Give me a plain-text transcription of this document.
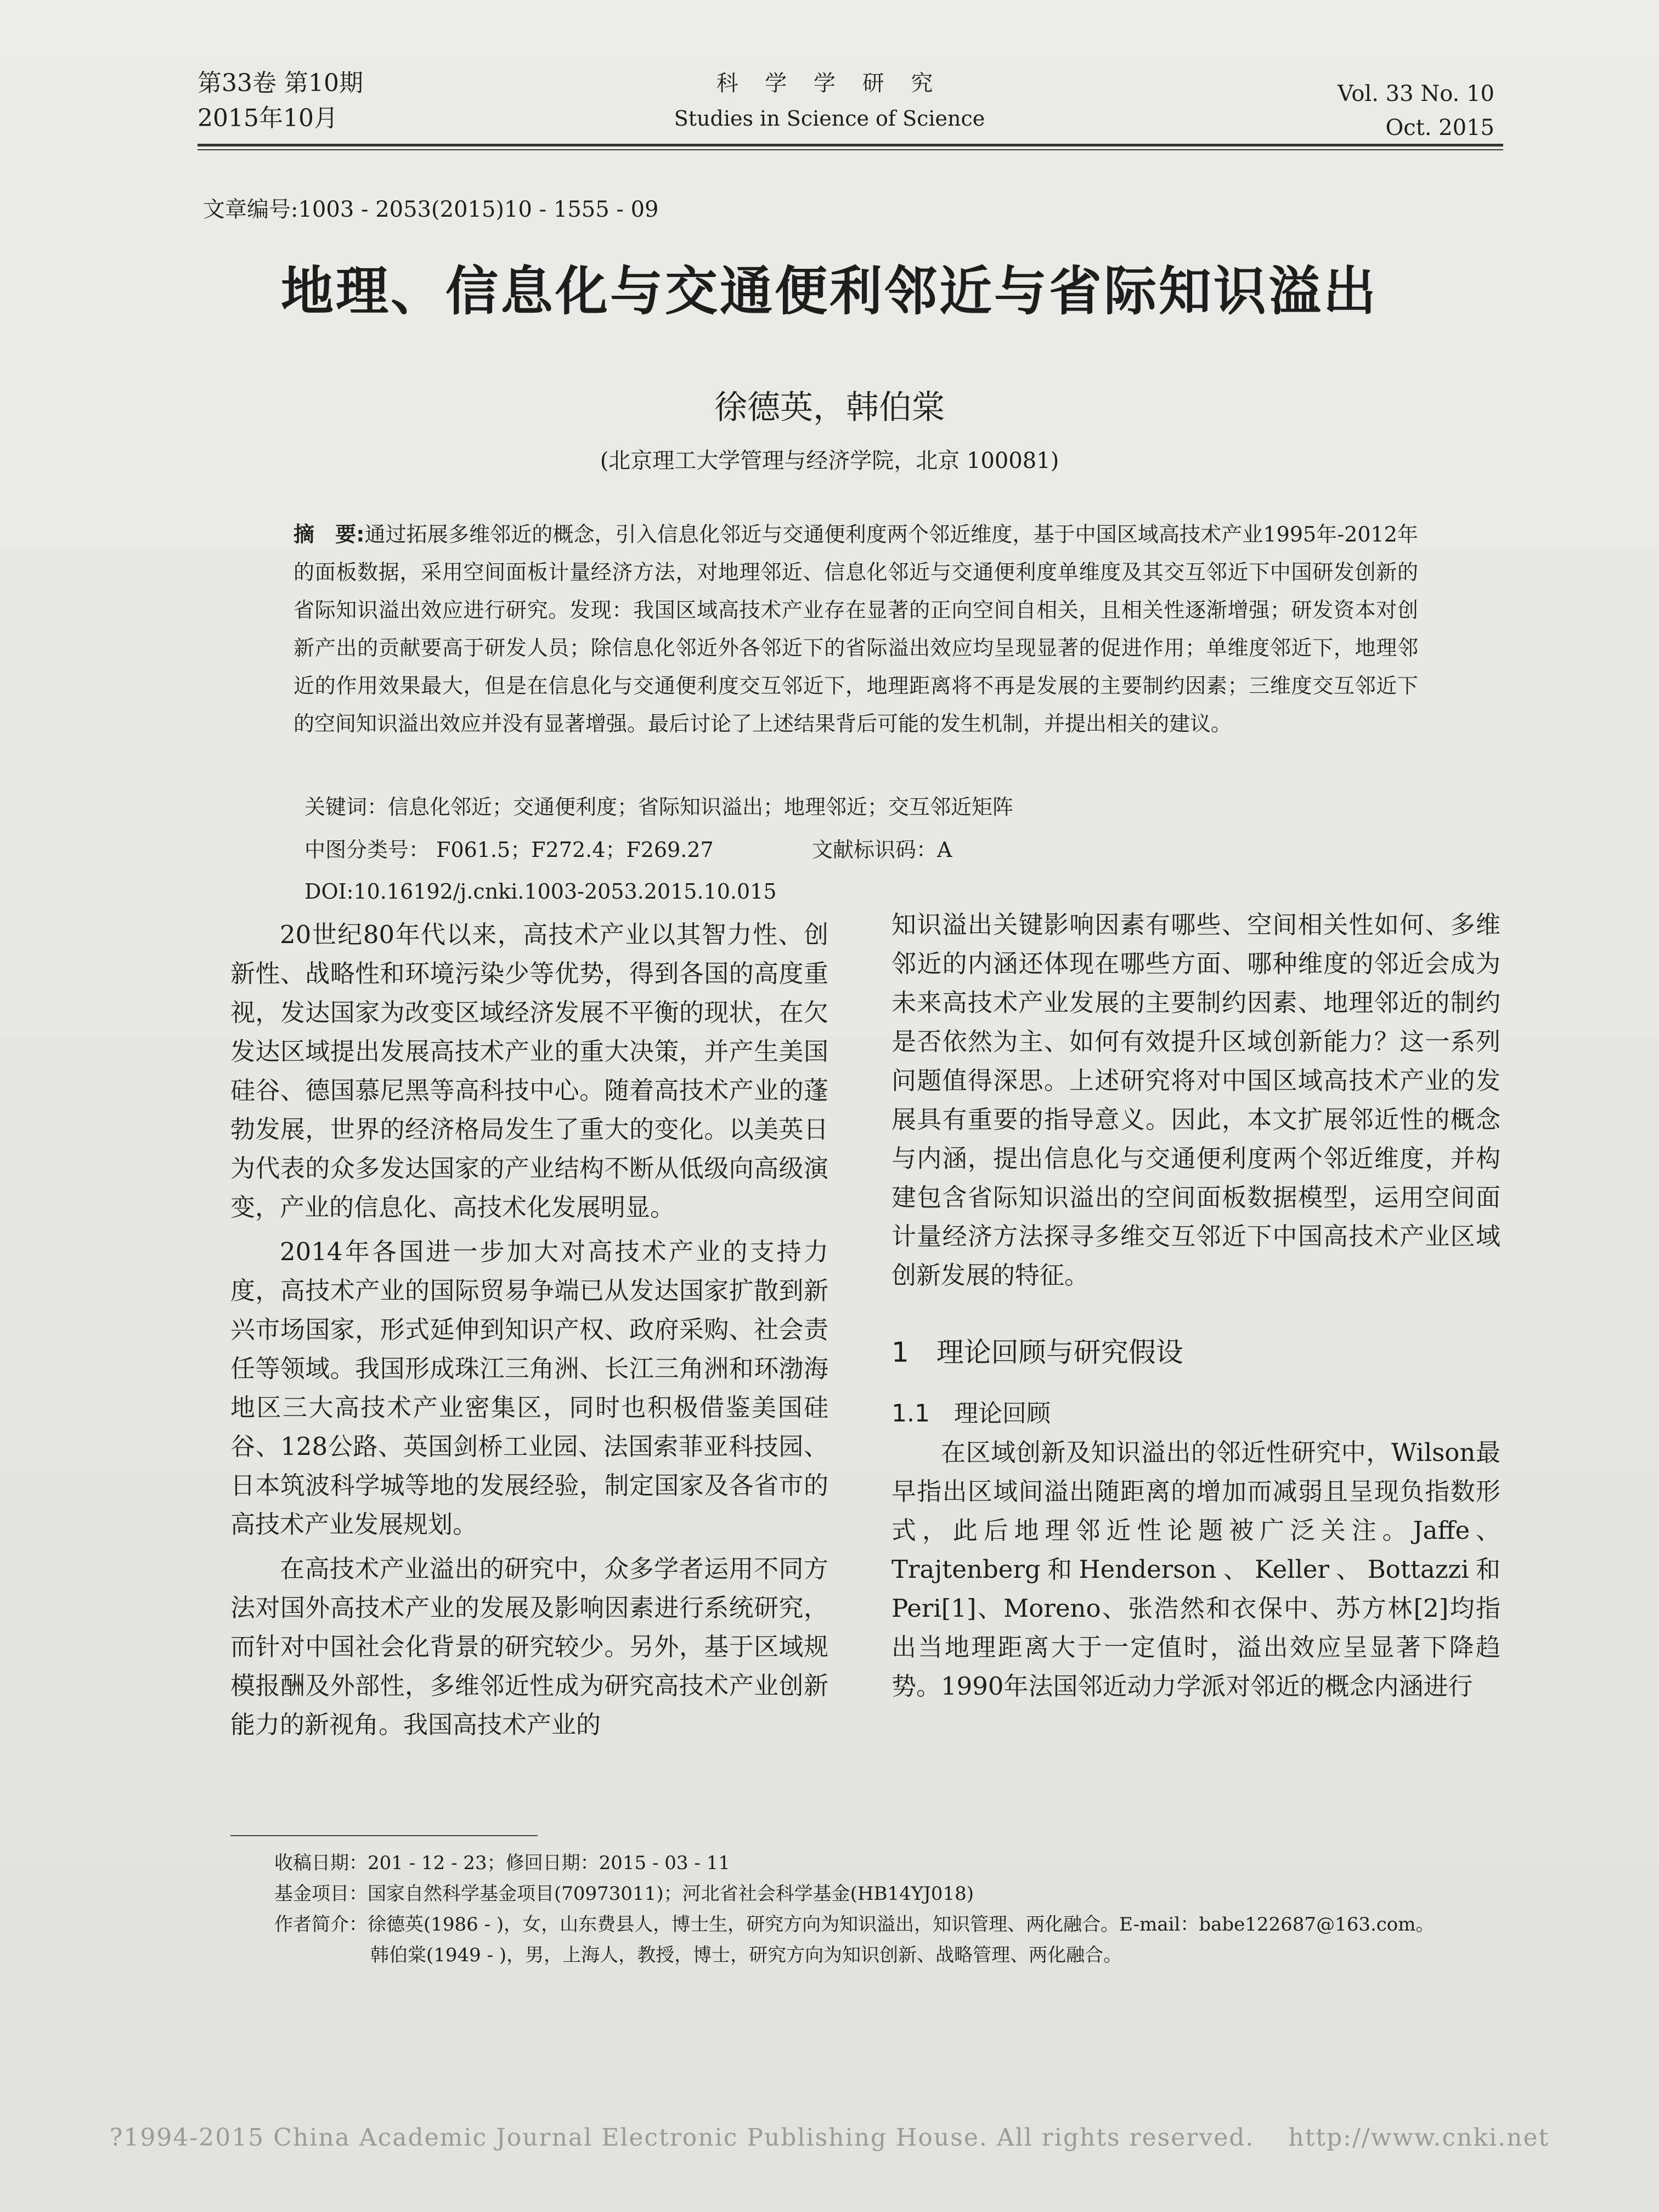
第33卷 第10期
2015年10月
科 学 学 研 究
Studies in Science of Science
Vol. 33 No. 10
Oct. 2015
文章编号:1003 - 2053(2015)10 - 1555 - 09
地理、信息化与交通便利邻近与省际知识溢出
徐德英，韩伯棠
(北京理工大学管理与经济学院，北京 100081)
摘　要:通过拓展多维邻近的概念，引入信息化邻近与交通便利度两个邻近维度，基于中国区域高技术产业1995年-2012年的面板数据，采用空间面板计量经济方法，对地理邻近、信息化邻近与交通便利度单维度及其交互邻近下中国研发创新的省际知识溢出效应进行研究。发现：我国区域高技术产业存在显著的正向空间自相关，且相关性逐渐增强；研发资本对创新产出的贡献要高于研发人员；除信息化邻近外各邻近下的省际溢出效应均呈现显著的促进作用；单维度邻近下，地理邻近的作用效果最大，但是在信息化与交通便利度交互邻近下，地理距离将不再是发展的主要制约因素；三维度交互邻近下的空间知识溢出效应并没有显著增强。最后讨论了上述结果背后可能的发生机制，并提出相关的建议。
关键词：信息化邻近；交通便利度；省际知识溢出；地理邻近；交互邻近矩阵
中图分类号： F061.5；F272.4；F269.27	文献标识码：A
DOI:10.16192/j.cnki.1003-2053.2015.10.015

20世纪80年代以来，高技术产业以其智力性、创新性、战略性和环境污染少等优势，得到各国的高度重视，发达国家为改变区域经济发展不平衡的现状，在欠发达区域提出发展高技术产业的重大决策，并产生美国硅谷、德国慕尼黑等高科技中心。随着高技术产业的蓬勃发展，世界的经济格局发生了重大的变化。以美英日为代表的众多发达国家的产业结构不断从低级向高级演变，产业的信息化、高技术化发展明显。

2014年各国进一步加大对高技术产业的支持力度，高技术产业的国际贸易争端已从发达国家扩散到新兴市场国家，形式延伸到知识产权、政府采购、社会责任等领域。我国形成珠江三角洲、长江三角洲和环渤海地区三大高技术产业密集区，同时也积极借鉴美国硅谷、128公路、英国剑桥工业园、法国索菲亚科技园、日本筑波科学城等地的发展经验，制定国家及各省市的高技术产业发展规划。

在高技术产业溢出的研究中，众多学者运用不同方法对国外高技术产业的发展及影响因素进行系统研究，而针对中国社会化背景的研究较少。另外，基于区域规模报酬及外部性，多维邻近性成为研究高技术产业创新能力的新视角。我国高技术产业的

知识溢出关键影响因素有哪些、空间相关性如何、多维邻近的内涵还体现在哪些方面、哪种维度的邻近会成为未来高技术产业发展的主要制约因素、地理邻近的制约是否依然为主、如何有效提升区域创新能力？这一系列问题值得深思。上述研究将对中国区域高技术产业的发展具有重要的指导意义。因此，本文扩展邻近性的概念与内涵，提出信息化与交通便利度两个邻近维度，并构建包含省际知识溢出的空间面板数据模型，运用空间面计量经济方法探寻多维交互邻近下中国高技术产业区域创新发展的特征。

1　理论回顾与研究假设
1.1　理论回顾

在区域创新及知识溢出的邻近性研究中，Wilson最早指出区域间溢出随距离的增加而减弱且呈现负指数形式，此后地理邻近性论题被广泛关注。Jaffe、Trajtenberg和Henderson、Keller、Bottazzi和Peri[1]、Moreno、张浩然和衣保中、苏方林[2]均指出当地理距离大于一定值时，溢出效应呈显著下降趋势。1990年法国邻近动力学派对邻近的概念内涵进行

收稿日期：201 - 12 - 23；修回日期：2015 - 03 - 11
基金项目：国家自然科学基金项目(70973011)；河北省社会科学基金(HB14YJ018)
作者简介：徐德英(1986 - )，女，山东费县人，博士生，研究方向为知识溢出，知识管理、两化融合。E-mail：babe122687@163.com。
韩伯棠(1949 - )，男，上海人，教授，博士，研究方向为知识创新、战略管理、两化融合。
?1994-2015 China Academic Journal Electronic Publishing House. All rights reserved.　 http://www.cnki.net
